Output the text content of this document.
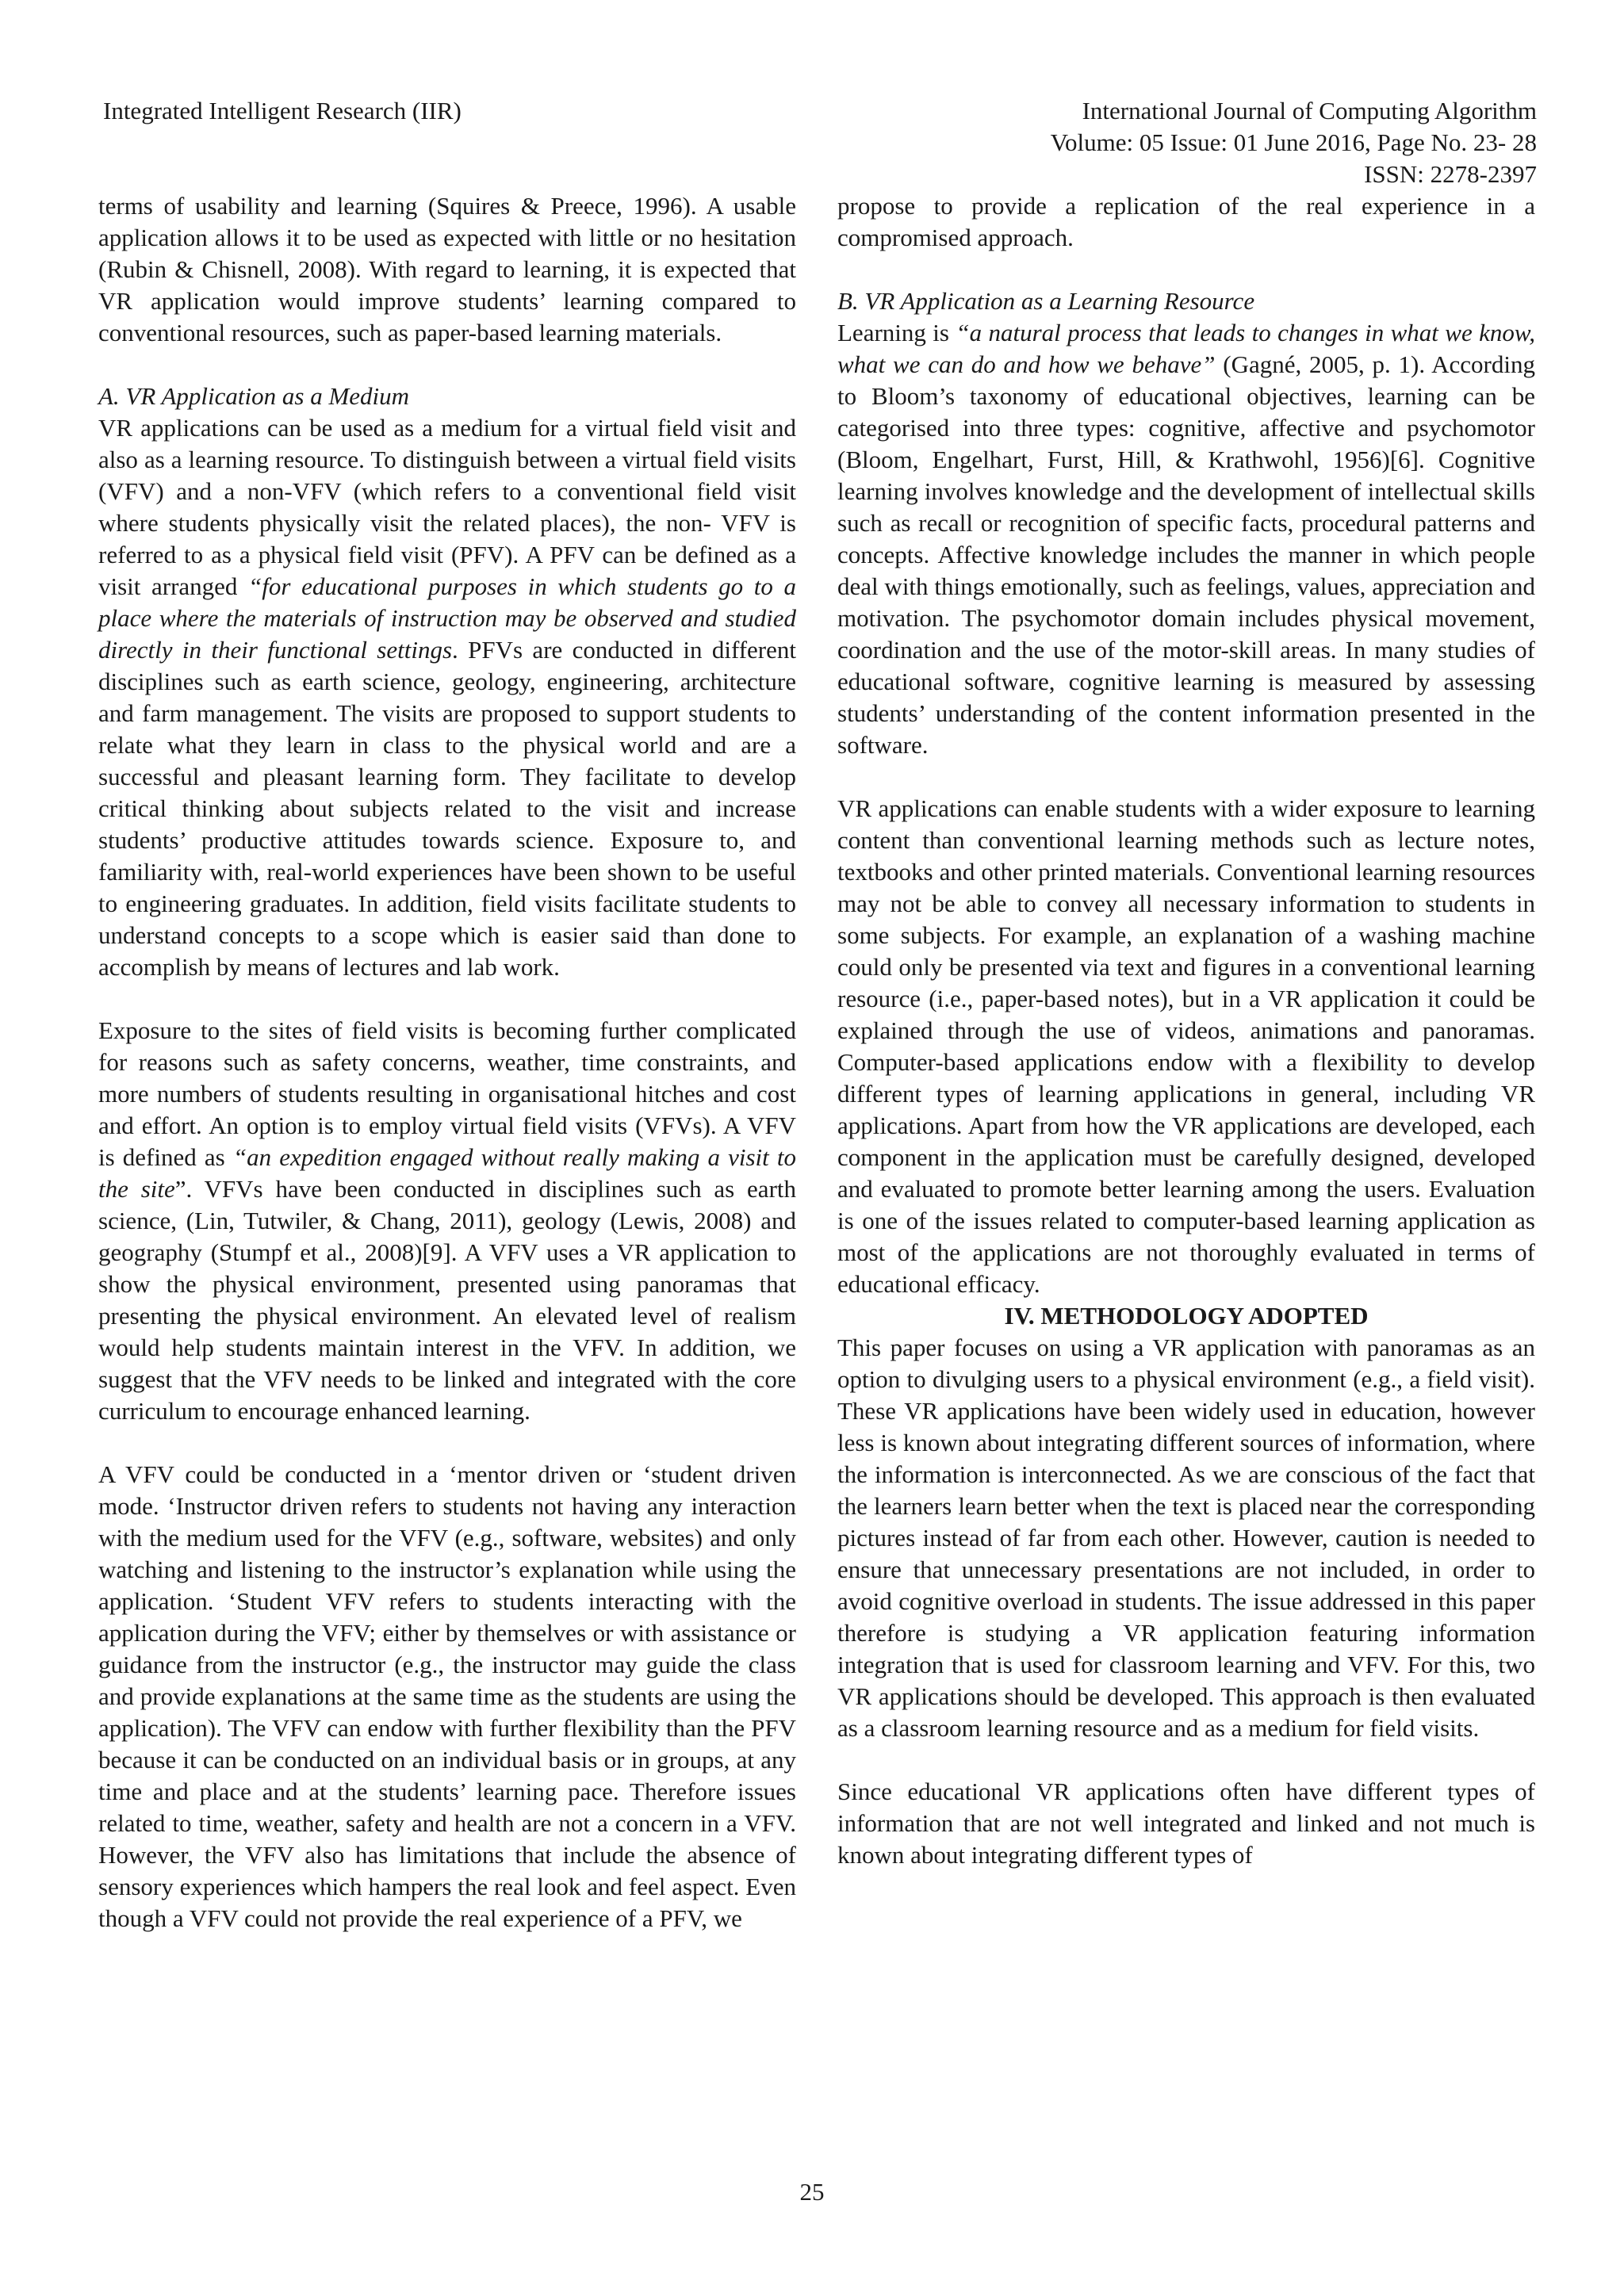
Integrated Intelligent Research (IIR)	International Journal of Computing Algorithm
Volume: 05 Issue: 01 June 2016, Page No. 23- 28
ISSN: 2278-2397

terms of usability and learning (Squires & Preece, 1996). A usable application allows it to be used as expected with little or no hesitation (Rubin & Chisnell, 2008). With regard to learning, it is expected that VR application would improve students’ learning compared to conventional resources, such as paper-based learning materials.

A. VR Application as a Medium

VR applications can be used as a medium for a virtual field visit and also as a learning resource. To distinguish between a virtual field visits (VFV) and a non-VFV (which refers to a conventional field visit where students physically visit the related places), the non- VFV is referred to as a physical field visit (PFV). A PFV can be defined as a visit arranged “for educational purposes in which students go to a place where the materials of instruction may be observed and studied directly in their functional settings. PFVs are conducted in different disciplines such as earth science, geology, engineering, architecture and farm management. The visits are proposed to support students to relate what they learn in class to the physical world and are a successful and pleasant learning form. They facilitate to develop critical thinking about subjects related to the visit and increase students’ productive attitudes towards science. Exposure to, and familiarity with, real-world experiences have been shown to be useful to engineering graduates. In addition, field visits facilitate students to understand concepts to a scope which is easier said than done to accomplish by means of lectures and lab work.

Exposure to the sites of field visits is becoming further complicated for reasons such as safety concerns, weather, time constraints, and more numbers of students resulting in organisational hitches and cost and effort. An option is to employ virtual field visits (VFVs). A VFV is defined as “an expedition engaged without really making a visit to the site”. VFVs have been conducted in disciplines such as earth science, (Lin, Tutwiler, & Chang, 2011), geology (Lewis, 2008) and geography (Stumpf et al., 2008)[9]. A VFV uses a VR application to show the physical environment, presented using panoramas that presenting the physical environment. An elevated level of realism would help students maintain interest in the VFV. In addition, we suggest that the VFV needs to be linked and integrated with the core curriculum to encourage enhanced learning.

A VFV could be conducted in a ‘mentor driven or ‘student driven mode. ‘Instructor driven refers to students not having any interaction with the medium used for the VFV (e.g., software, websites) and only watching and listening to the instructor’s explanation while using the application. ‘Student VFV refers to students interacting with the application during the VFV; either by themselves or with assistance or guidance from the instructor (e.g., the instructor may guide the class and provide explanations at the same time as the students are using the application). The VFV can endow with further flexibility than the PFV because it can be conducted on an individual basis or in groups, at any time and place and at the students’ learning pace. Therefore issues related to time, weather, safety and health are not a concern in a VFV. However, the VFV also has limitations that include the absence of sensory experiences which hampers the real look and feel aspect. Even though a VFV could not provide the real experience of a PFV, we

propose to provide a replication of the real experience in a compromised approach.

B. VR Application as a Learning Resource

Learning is “a natural process that leads to changes in what we know, what we can do and how we behave” (Gagné, 2005, p. 1). According to Bloom’s taxonomy of educational objectives, learning can be categorised into three types: cognitive, affective and psychomotor (Bloom, Engelhart, Furst, Hill, & Krathwohl, 1956)[6]. Cognitive learning involves knowledge and the development of intellectual skills such as recall or recognition of specific facts, procedural patterns and concepts. Affective knowledge includes the manner in which people deal with things emotionally, such as feelings, values, appreciation and motivation. The psychomotor domain includes physical movement, coordination and the use of the motor-skill areas. In many studies of educational software, cognitive learning is measured by assessing students’ understanding of the content information presented in the software.

VR applications can enable students with a wider exposure to learning content than conventional learning methods such as lecture notes, textbooks and other printed materials. Conventional learning resources may not be able to convey all necessary information to students in some subjects. For example, an explanation of a washing machine could only be presented via text and figures in a conventional learning resource (i.e., paper-based notes), but in a VR application it could be explained through the use of videos, animations and panoramas. Computer-based applications endow with a flexibility to develop different types of learning applications in general, including VR applications. Apart from how the VR applications are developed, each component in the application must be carefully designed, developed and evaluated to promote better learning among the users. Evaluation is one of the issues related to computer-based learning application as most of the applications are not thoroughly evaluated in terms of educational efficacy.

IV. METHODOLOGY ADOPTED

This paper focuses on using a VR application with panoramas as an option to divulging users to a physical environment (e.g., a field visit). These VR applications have been widely used in education, however less is known about integrating different sources of information, where the information is interconnected. As we are conscious of the fact that the learners learn better when the text is placed near the corresponding pictures instead of far from each other. However, caution is needed to ensure that unnecessary presentations are not included, in order to avoid cognitive overload in students. The issue addressed in this paper therefore is studying a VR application featuring information integration that is used for classroom learning and VFV. For this, two VR applications should be developed. This approach is then evaluated as a classroom learning resource and as a medium for field visits.

Since educational VR applications often have different types of information that are not well integrated and linked and not much is known about integrating different types of

25
